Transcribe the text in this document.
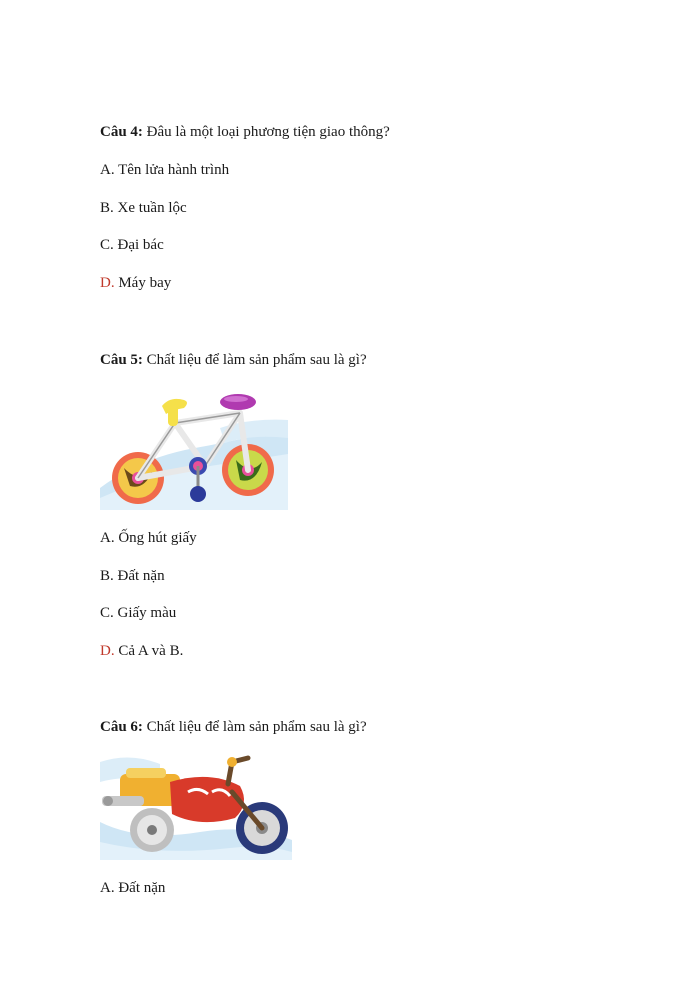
Câu 4: Đâu là một loại phương tiện giao thông?

A. Tên lửa hành trình

B. Xe tuần lộc

C. Đại bác

D. Máy bay

Câu 5: Chất liệu để làm sản phẩm sau là gì?

A. Ống hút giấy

B. Đất nặn

C. Giấy màu

D. Cả A và B.

Câu 6: Chất liệu để làm sản phẩm sau là gì?

A. Đất nặn
